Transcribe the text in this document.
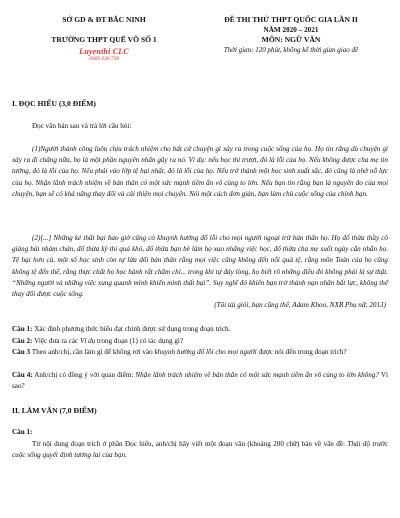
SỞ GD & ĐT BẮC NINH
TRƯỜNG THPT QUẾ VÕ SỐ 1
Luyenthi CLC
0969 330 758
ĐỀ THI THỬ THPT QUỐC GIA LẦN II
NĂM 2020 – 2021
MÔN: NGỮ VĂN
Thời gian: 120 phút, không kể thời gian giao đề
I. ĐỌC HIỂU (3,0 ĐIỂM)
Đọc văn bản sau và trả lời câu hỏi:
(1)Người thành công luôn chịu trách nhiệm cho bất cứ chuyện gì xảy ra trong cuộc sống của họ. Họ tin rằng dù chuyện gì xảy ra đi chăng nữa, họ là một phần nguyên nhân gây ra nó. Ví dụ: nếu học thi trượt, đó là lỗi của họ. Nếu không được cha mẹ tin tưởng, đó là lỗi của họ. Nếu phải vào lớp tệ hại nhất, đó là lỗi của họ. Nếu trở thành một học sinh xuất sắc, đó cũng là nhờ nỗ lực của họ. Nhận lãnh trách nhiệm về bản thân có một sức mạnh tiềm ẩn vô cùng to lớn. Nếu bạn tin rằng bạn là nguyên do của mọi chuyện, bạn sẽ có khả năng thay đổi và cải thiện mọi chuyện. Nói một cách đơn giản, bạn làm chủ cuộc sống của chính bạn.
(2)[...] Những kẻ thất bại bao giờ cũng có khuynh hướng đổ lỗi cho mọi người ngoại trừ bản thân họ. Họ đổ thừa thầy cô giảng bài nhàm chán, đổ thừa kỳ thi quá khó, đổ thừa bạn bè làm họ xao nhãng việc học, đổ thừa cha mẹ suốt ngày cằn nhằn họ. Tệ hại hơn cả, một số học sinh còn tự lừa dối bản thân rằng mọi việc cũng không đến nỗi quá tệ, rằng môn Toán của họ cũng không tệ đến thế, rằng thực chất họ học hành rất chăm chỉ... trong khi tự đáy lòng, họ biết rõ những điều đó không phải là sự thật. “Những người và những việc xung quanh mình khiến mình thất bại”. Suy nghĩ đó khiến bạn trở thành nạn nhân bất lực, không thể thay đổi được cuộc sống.
(Tôi tài giỏi, bạn cũng thế, Adam Khoo, NXB Phụ nữ, 2013)
Câu 1: Xác định phương thức biểu đạt chính được sử dụng trong đoạn trích.
Câu 2: Việc đưa ra các Ví dụ trong đoạn (1) có tác dụng gì?
Câu 3 Theo anh/chị, cần làm gì để không rơi vào khuynh hướng đổ lỗi cho mọi người được nói đến trong đoạn trích?
Câu 4: Anh/chị có đồng ý với quan điểm: Nhận lãnh trách nhiệm về bản thân có một sức mạnh tiềm ẩn vô cùng to lớn không? Vì sao?
II. LÀM VĂN (7,0 ĐIỂM)
Câu 1:
Từ nội dung đoạn trích ở phần Đọc hiểu, anh/chị hãy viết một đoạn văn (khoảng 200 chữ) bàn về vấn đề: Thái độ trước cuộc sống quyết định tương lai của bạn.
